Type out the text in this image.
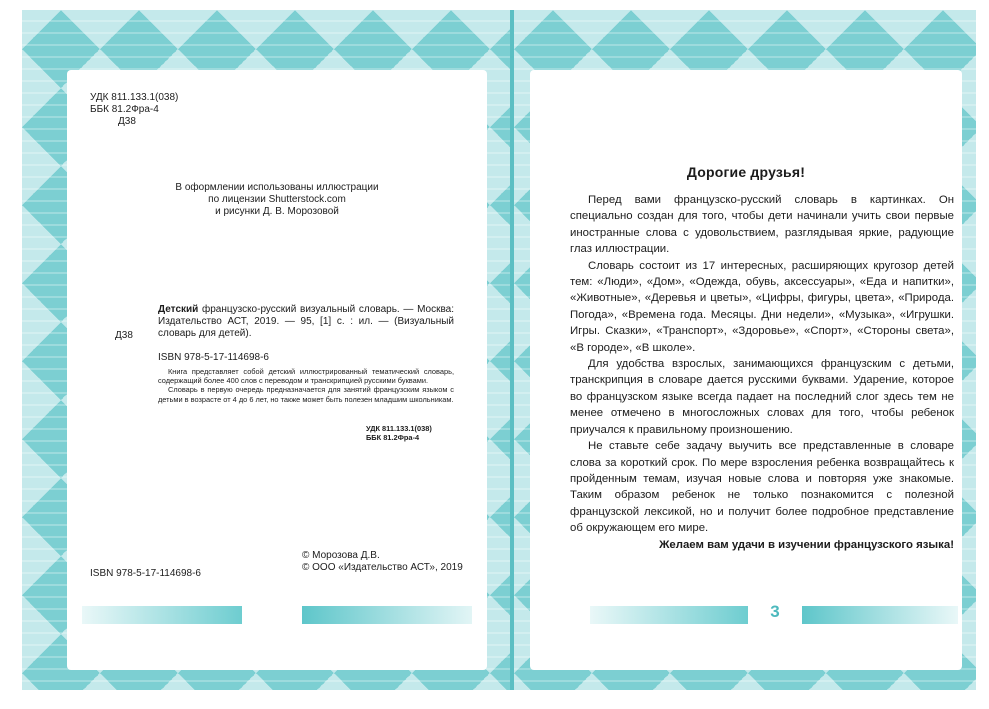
УДК 811.133.1(038)
ББК 81.2Фра-4
Д38
В оформлении использованы иллюстрации
по лицензии Shutterstock.com
и рисунки Д. В. Морозовой
Д38
Детский французско-русский визуальный словарь. — Москва: Издательство АСТ, 2019. — 95, [1] с. : ил. — (Визуальный словарь для детей).
ISBN 978-5-17-114698-6

Книга представляет собой детский иллюстрированный тематический словарь, содержащий более 400 слов с переводом и транскрипцией русскими буквами.

Словарь в первую очередь предназначается для занятий французским языком с детьми в возрасте от 4 до 6 лет, но также может быть полезен младшим школьникам.

УДК 811.133.1(038)
ББК 81.2Фра-4
ISBN 978-5-17-114698-6
© Морозова Д.В.
© ООО «Издательство АСТ», 2019
Дорогие друзья!

Перед вами французско-русский словарь в картинках. Он специально создан для того, чтобы дети начинали учить свои первые иностранные слова с удовольствием, разглядывая яркие, радующие глаз иллюстрации.

Словарь состоит из 17 интересных, расширяющих кругозор детей тем: «Люди», «Дом», «Одежда, обувь, аксессуары», «Еда и напитки», «Животные», «Деревья и цветы», «Цифры, фигуры, цвета», «Природа. Погода», «Времена года. Месяцы. Дни недели», «Музыка», «Игрушки. Игры. Сказки», «Транспорт», «Здоровье», «Спорт», «Стороны света», «В городе», «В школе».

Для удобства взрослых, занимающихся французским с детьми, транскрипция в словаре дается русскими буквами. Ударение, которое во французском языке всегда падает на последний слог здесь тем не менее отмечено в многосложных словах для того, чтобы ребенок приучался к правильному произношению.

Не ставьте себе задачу выучить все представленные в словаре слова за короткий срок. По мере взросления ребенка возвращайтесь к пройденным темам, изучая новые слова и повторяя уже знакомые. Таким образом ребенок не только познакомится с полезной французской лексикой, но и получит более подробное представление об окружающем его мире.

Желаем вам удачи в изучении французского языка!

3
